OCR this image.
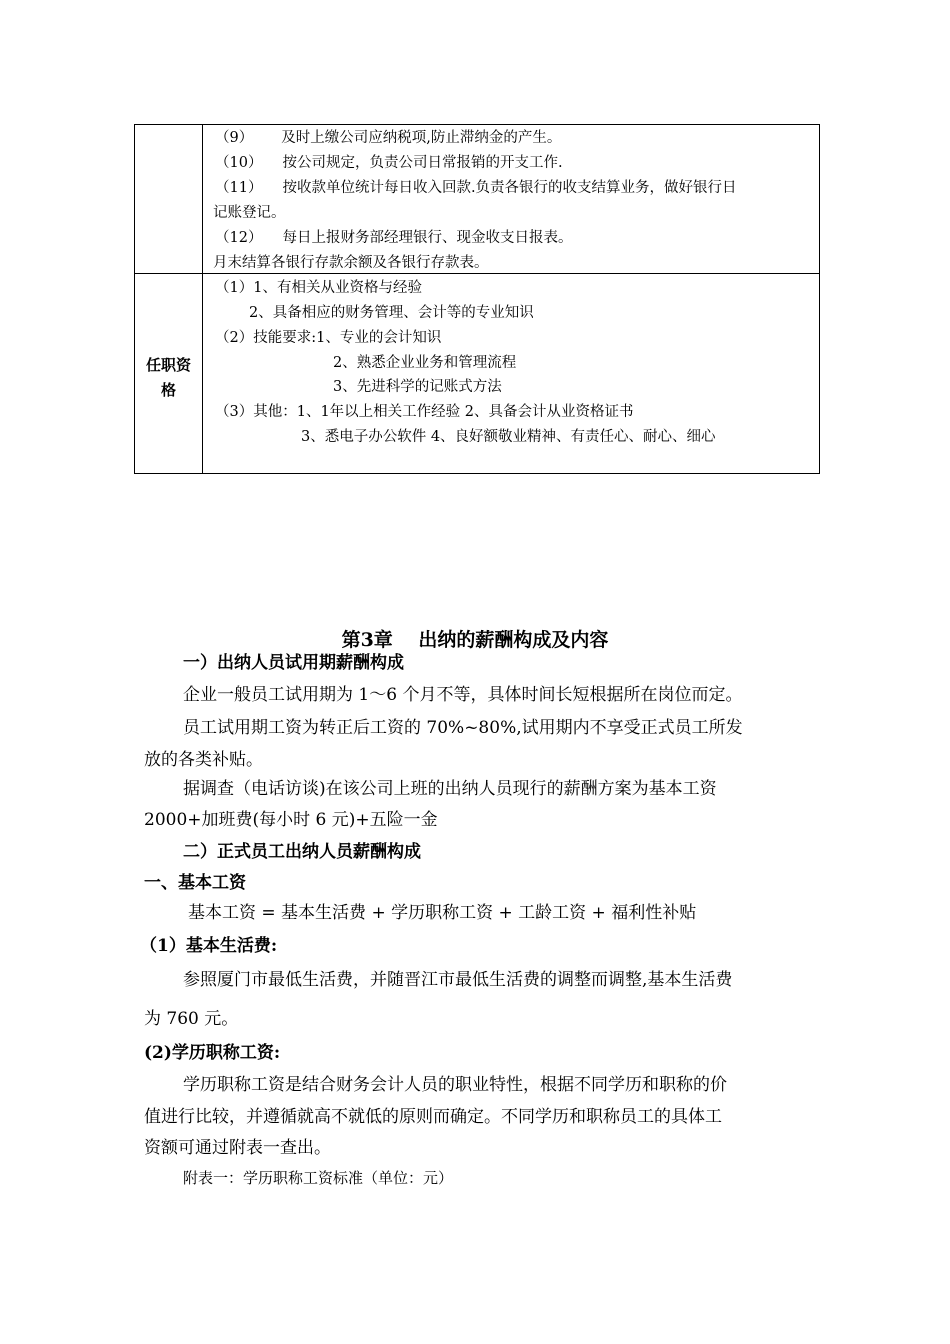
（9） 及时上缴公司应纳税项,防止滞纳金的产生。
（10） 按公司规定，负责公司日常报销的开支工作.
（11） 按收款单位统计每日收入回款.负责各银行的收支结算业务，做好银行日
记账登记。
（12） 每日上报财务部经理银行、现金收支日报表。
月末结算各银行存款余额及各银行存款表。
任职资
格
（1）1、有相关从业资格与经验
2、具备相应的财务管理、会计等的专业知识
（2）技能要求:1、专业的会计知识
2、熟悉企业业务和管理流程
3、先进科学的记账式方法
（3）其他：1、1年以上相关工作经验 2、具备会计从业资格证书
3、悉电子办公软件 4、良好额敬业精神、有责任心、耐心、细心
第3章　 出纳的薪酬构成及内容
一）出纳人员试用期薪酬构成
企业一般员工试用期为 1～6 个月不等，具体时间长短根据所在岗位而定。
员工试用期工资为转正后工资的 70%~80%,试用期内不享受正式员工所发
放的各类补贴。
据调查（电话访谈)在该公司上班的出纳人员现行的薪酬方案为基本工资
2000+加班费(每小时 6 元)+五险一金
二）正式员工出纳人员薪酬构成
一、基本工资
基本工资 = 基本生活费 + 学历职称工资 + 工龄工资 + 福利性补贴
（1）基本生活费:
参照厦门市最低生活费，并随晋江市最低生活费的调整而调整,基本生活费
为 760 元。
(2)学历职称工资:
学历职称工资是结合财务会计人员的职业特性，根据不同学历和职称的价
值进行比较，并遵循就高不就低的原则而确定。不同学历和职称员工的具体工
资额可通过附表一查出。
附表一：学历职称工资标准（单位：元）
